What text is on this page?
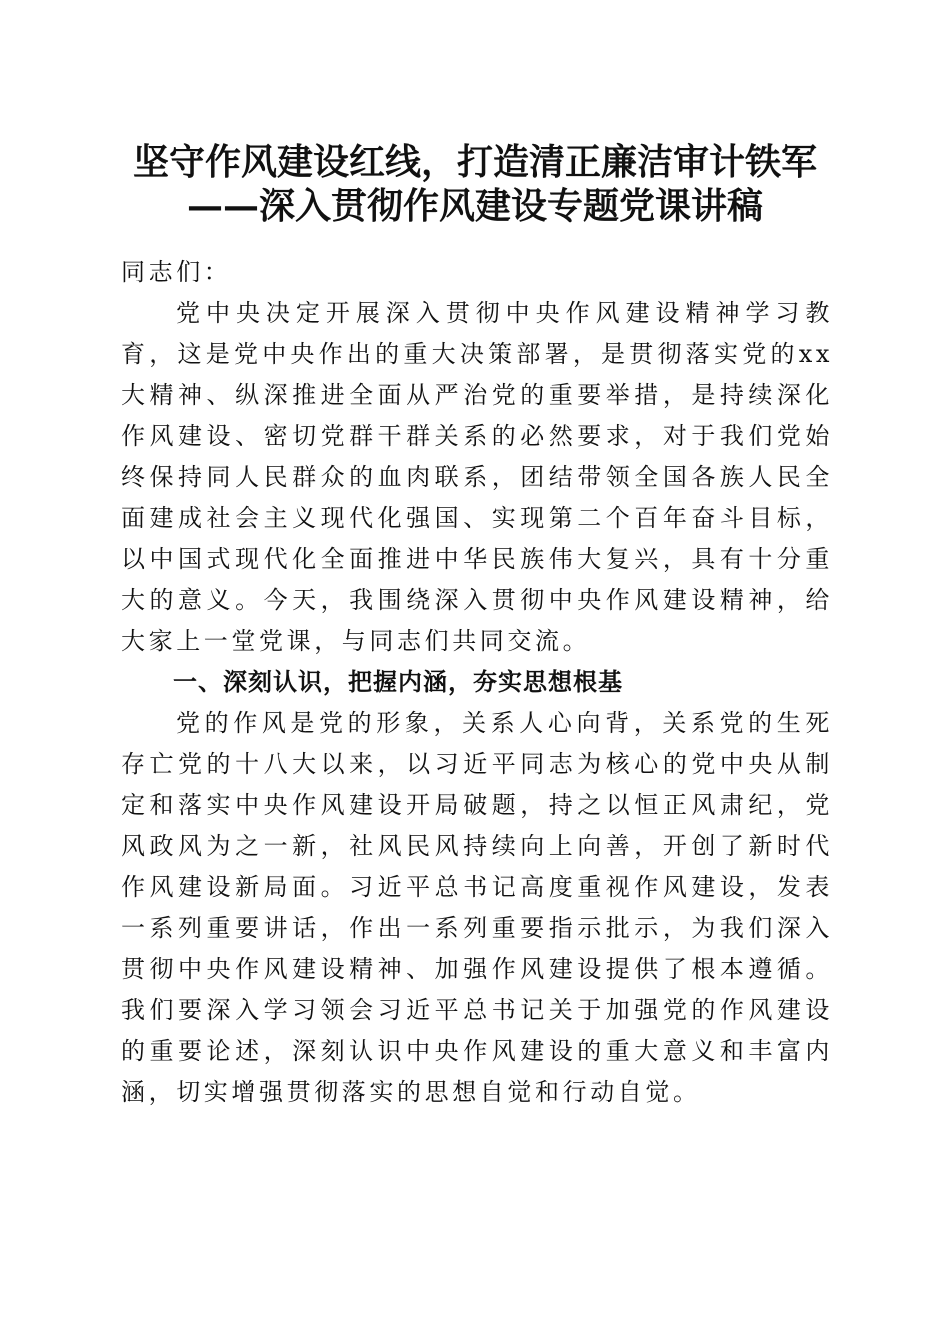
坚守作风建设红线，打造清正廉洁审计铁军
——深入贯彻作风建设专题党课讲稿

同志们：

党中央决定开展深入贯彻中央作风建设精神学习教育，这是党中央作出的重大决策部署，是贯彻落实党的xx大精神、纵深推进全面从严治党的重要举措，是持续深化作风建设、密切党群干群关系的必然要求，对于我们党始终保持同人民群众的血肉联系，团结带领全国各族人民全面建成社会主义现代化强国、实现第二个百年奋斗目标，以中国式现代化全面推进中华民族伟大复兴，具有十分重大的意义。今天，我围绕深入贯彻中央作风建设精神，给大家上一堂党课，与同志们共同交流。

一、深刻认识，把握内涵，夯实思想根基

党的作风是党的形象，关系人心向背，关系党的生死存亡党的十八大以来，以习近平同志为核心的党中央从制定和落实中央作风建设开局破题，持之以恒正风肃纪，党风政风为之一新，社风民风持续向上向善，开创了新时代作风建设新局面。习近平总书记高度重视作风建设，发表一系列重要讲话，作出一系列重要指示批示，为我们深入贯彻中央作风建设精神、加强作风建设提供了根本遵循。我们要深入学习领会习近平总书记关于加强党的作风建设的重要论述，深刻认识中央作风建设的重大意义和丰富内涵，切实增强贯彻落实的思想自觉和行动自觉。
